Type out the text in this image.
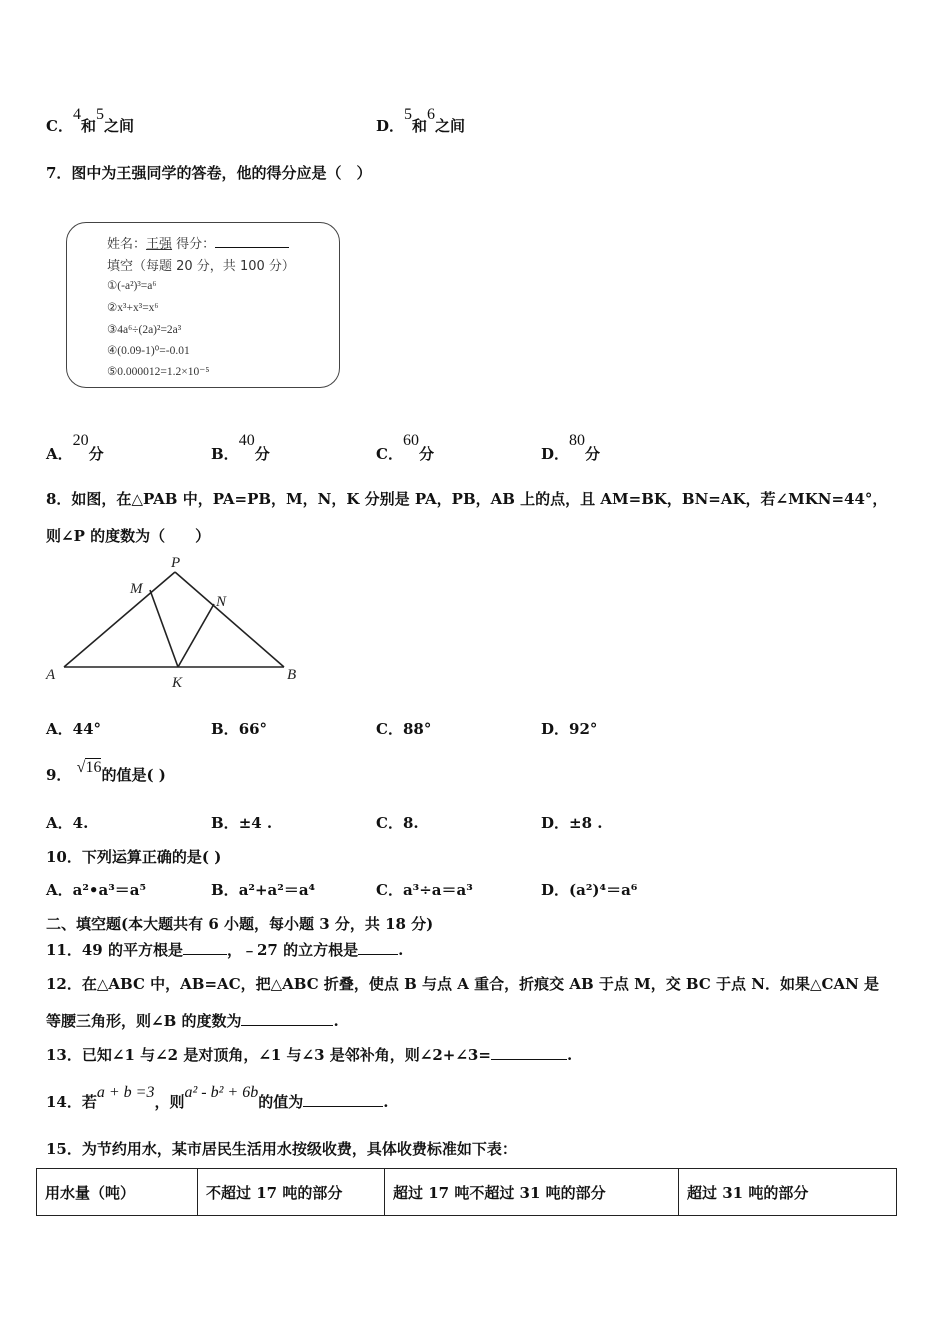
C．$^4$和$^5$之间	D．$^5$和$^6$之间
7．图中为王强同学的答卷，他的得分应是（　）
姓名：王强 得分：
填空（每题 20 分，共 100 分）
①(-a²)³=a⁶
②x³+x³=x⁶
③4a⁶÷(2a)²=2a³
④(0.09-1)⁰=-0.01
⑤0.000012=1.2×10⁻⁵
A．$^{20}$分	B．$^{40}$分	C．$^{60}$分	D．$^{80}$分
8．如图，在△PAB 中，PA=PB，M，N，K 分别是 PA，PB，AB 上的点，且 AM=BK，BN=AK，若∠MKN=44°，
则∠P 的度数为（　　）
P
M
N
A	K	B
A．44°	B．66°	C．88°	D．92°
9． √16的值是( )
A．4.	B．±4 .	C．8.	D．±8 .
10．下列运算正确的是( )
A．a²•a³＝a⁵	B．a²+a²＝a⁴	C．a³÷a＝a³	D．(a²)⁴＝a⁶
二、填空题(本大题共有 6 小题，每小题 3 分，共 18 分)
11．49 的平方根是	，﹣27 的立方根是	.
12．在△ABC 中，AB=AC，把△ABC 折叠，使点 B 与点 A 重合，折痕交 AB 于点 M，交 BC 于点 N．如果△CAN 是
等腰三角形，则∠B 的度数为	.
13．已知∠1 与∠2 是对顶角，∠1 与∠3 是邻补角，则∠2+∠3=	.
14．若a + b =3，则a² - b² + 6b的值为	.
15．为节约用水，某市居民生活用水按级收费，具体收费标准如下表：
用水量（吨）	不超过 17 吨的部分	超过 17 吨不超过 31 吨的部分	超过 31 吨的部分
